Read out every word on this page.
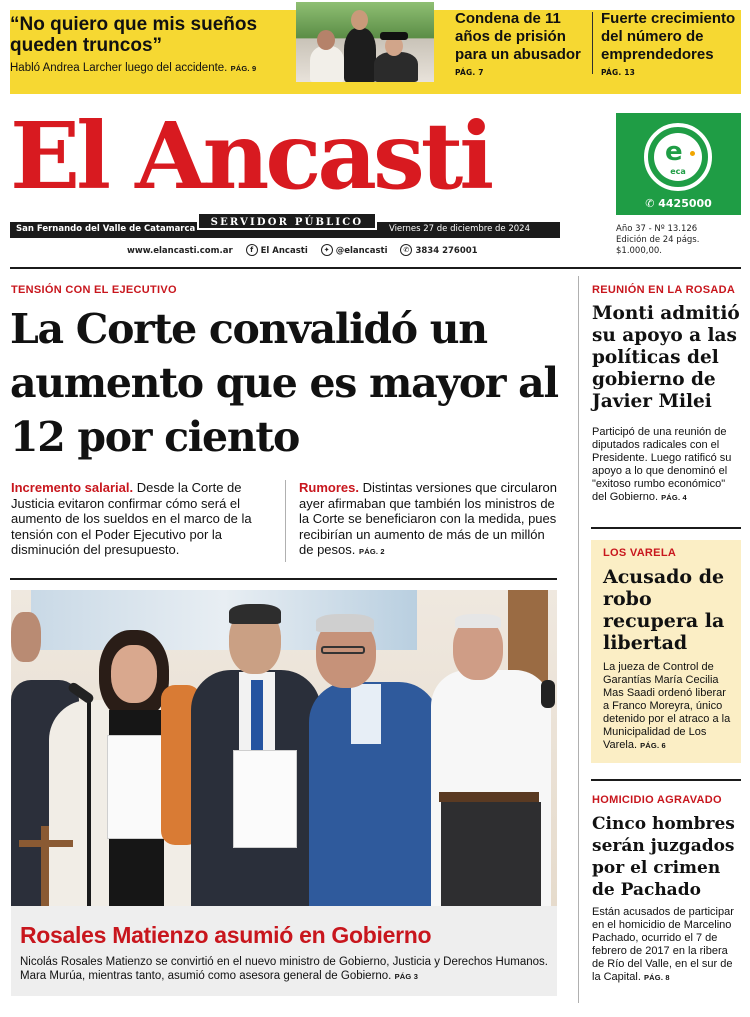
“No quiero que mis sueños queden truncos”
Habló Andrea Larcher luego del accidente. PÁG. 9
Condena de 11 años de prisión para un abusador
PÁG. 7
Fuerte crecimiento del número de emprendedores
PÁG. 13
El Ancasti
San Fernando del Valle de Catamarca	Viernes 27 de diciembre de 2024
SERVIDOR PÚBLICO
www.elancasti.com.ar f El Ancasti ✦ @elancasti ✆ 3834 276001
e
eca
✆ 4425000
Año 37 - Nº 13.126
Edición de 24 págs.
$1.000,00.
TENSIÓN CON EL EJECUTIVO
La Corte convalidó un aumento que es mayor al 12 por ciento
Incremento salarial. Desde la Corte de Justicia evitaron confirmar cómo será el aumento de los sueldos en el marco de la tensión con el Poder Ejecutivo por la disminución del presupuesto.
Rumores. Distintas versiones que circularon ayer afirmaban que también los ministros de la Corte se beneficiaron con la medida, pues recibirían un aumento de más de un millón de pesos. PÁG. 2
Rosales Matienzo asumió en Gobierno
Nicolás Rosales Matienzo se convirtió en el nuevo ministro de Gobierno, Justicia y Derechos Humanos. Mara Murúa, mientras tanto, asumió como asesora general de Gobierno. PÁG 3
REUNIÓN EN LA ROSADA
Monti admitió su apoyo a las políticas del gobierno de Javier Milei
Participó de una reunión de diputados radicales con el Presidente. Luego ratificó su apoyo a lo que denominó el "exitoso rumbo económico" del Gobierno. PÁG. 4
LOS VARELA
Acusado de robo recupera la libertad
La jueza de Control de Garantías María Cecilia Mas Saadi ordenó liberar a Franco Moreyra, único detenido por el atraco a la Municipalidad de Los Varela. PÁG. 6
HOMICIDIO AGRAVADO
Cinco hombres serán juzgados por el crimen de Pachado
Están acusados de participar en el homicidio de Marcelino Pachado, ocurrido el 7 de febrero de 2017 en la ribera de Río del Valle, en el sur de la Capital. PÁG. 8
